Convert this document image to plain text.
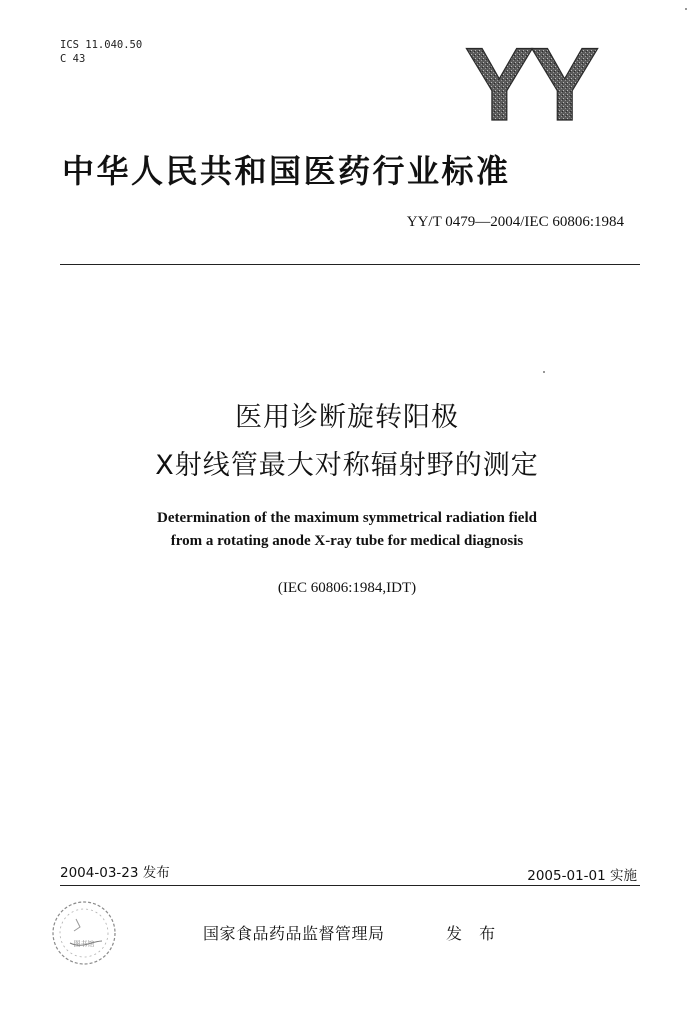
ICS 11.040.50
C 43	YY
中华人民共和国医药行业标准
YY/T 0479—2004/IEC 60806:1984
医用诊断旋转阳极
X射线管最大对称辐射野的测定
Determination of the maximum symmetrical radiation field
from a rotating anode X-ray tube for medical diagnosis
(IEC 60806:1984,IDT)
2004-03-23 发布	2005-01-01 实施
图书馆
国家食品药品监督管理局	发 布
